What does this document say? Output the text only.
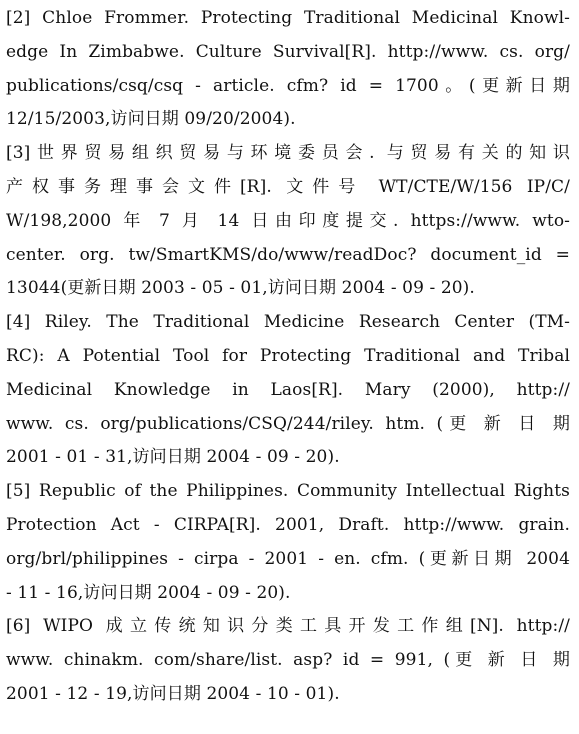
[2] Chloe Frommer. Protecting Traditional Medicinal Knowl-
edge In Zimbabwe. Culture Survival[R]. http://www. cs. org/
publications/csq/csq - article. cfm? id = 1700。(更新日期
12/15/2003,访问日期 09/20/2004).
[3]世界贸易组织贸易与环境委员会. 与贸易有关的知识
产权事务理事会文件[R]. 文件号 WT/CTE/W/156 IP/C/
W/198,2000 年 7 月 14 日由印度提交. https://www. wto-
center. org. tw/SmartKMS/do/www/readDoc? document_id =
13044(更新日期 2003 - 05 - 01,访问日期 2004 - 09 - 20).
[4] Riley. The Traditional Medicine Research Center (TM-
RC): A Potential Tool for Protecting Traditional and Tribal
Medicinal Knowledge in Laos[R]. Mary (2000), http://
www. cs. org/publications/CSQ/244/riley. htm. (更 新 日 期
2001 - 01 - 31,访问日期 2004 - 09 - 20).
[5] Republic of the Philippines. Community Intellectual Rights
Protection Act - CIRPA[R]. 2001, Draft. http://www. grain.
org/brl/philippines - cirpa - 2001 - en. cfm. (更新日期 2004
- 11 - 16,访问日期 2004 - 09 - 20).
[6] WIPO 成立传统知识分类工具开发工作组[N]. http://
www. chinakm. com/share/list. asp? id = 991, (更 新 日 期
2001 - 12 - 19,访问日期 2004 - 10 - 01).
